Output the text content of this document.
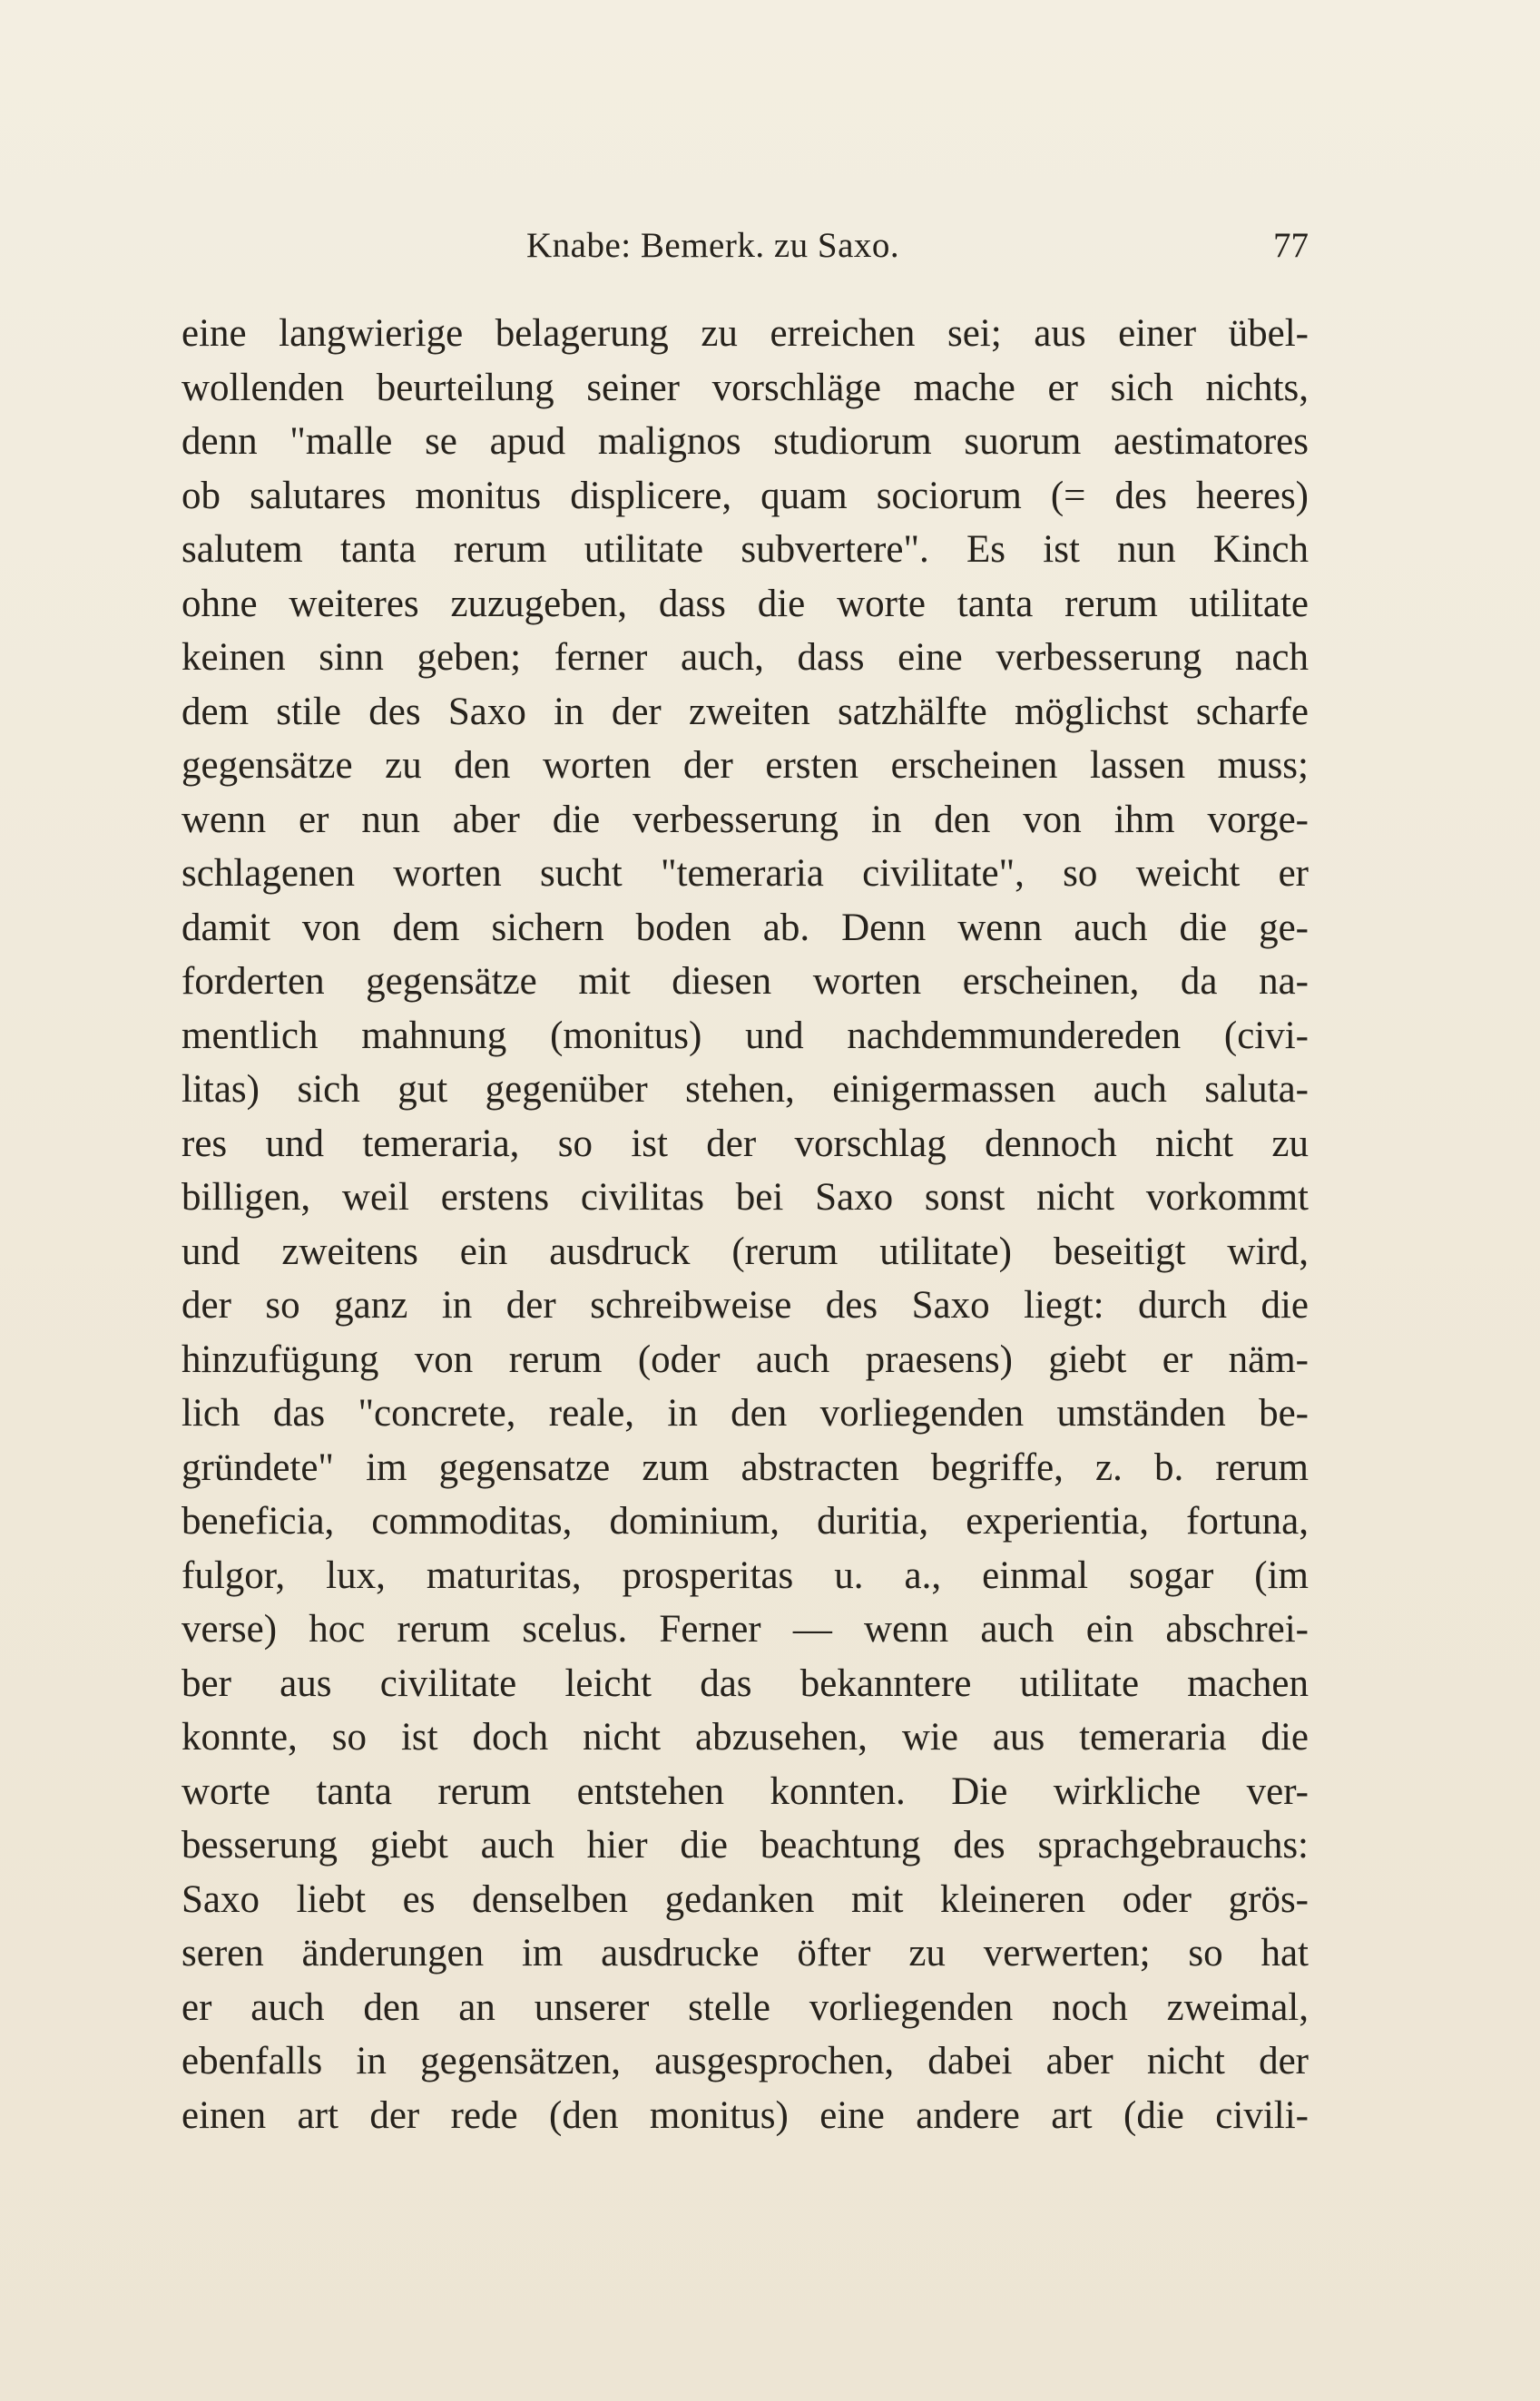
Knabe: Bemerk. zu Saxo.	77
eine langwierige belagerung zu erreichen sei; aus einer übel-
wollenden beurteilung seiner vorschläge mache er sich nichts,
denn "malle se apud malignos studiorum suorum aestimatores
ob salutares monitus displicere, quam sociorum (= des heeres)
salutem tanta rerum utilitate subvertere". Es ist nun Kinch
ohne weiteres zuzugeben, dass die worte tanta rerum utilitate
keinen sinn geben; ferner auch, dass eine verbesserung nach
dem stile des Saxo in der zweiten satzhälfte möglichst scharfe
gegensätze zu den worten der ersten erscheinen lassen muss;
wenn er nun aber die verbesserung in den von ihm vorge-
schlagenen worten sucht "temeraria civilitate", so weicht er
damit von dem sichern boden ab. Denn wenn auch die ge-
forderten gegensätze mit diesen worten erscheinen, da na-
mentlich mahnung (monitus) und nachdemmundereden (civi-
litas) sich gut gegenüber stehen, einigermassen auch saluta-
res und temeraria, so ist der vorschlag dennoch nicht zu
billigen, weil erstens civilitas bei Saxo sonst nicht vorkommt
und zweitens ein ausdruck (rerum utilitate) beseitigt wird,
der so ganz in der schreibweise des Saxo liegt: durch die
hinzufügung von rerum (oder auch praesens) giebt er näm-
lich das "concrete, reale, in den vorliegenden umständen be-
gründete" im gegensatze zum abstracten begriffe, z. b. rerum
beneficia, commoditas, dominium, duritia, experientia, fortuna,
fulgor, lux, maturitas, prosperitas u. a., einmal sogar (im
verse) hoc rerum scelus. Ferner — wenn auch ein abschrei-
ber aus civilitate leicht das bekanntere utilitate machen
konnte, so ist doch nicht abzusehen, wie aus temeraria die
worte tanta rerum entstehen konnten. Die wirkliche ver-
besserung giebt auch hier die beachtung des sprachgebrauchs:
Saxo liebt es denselben gedanken mit kleineren oder grös-
seren änderungen im ausdrucke öfter zu verwerten; so hat
er auch den an unserer stelle vorliegenden noch zweimal,
ebenfalls in gegensätzen, ausgesprochen, dabei aber nicht der
einen art der rede (den monitus) eine andere art (die civili-
